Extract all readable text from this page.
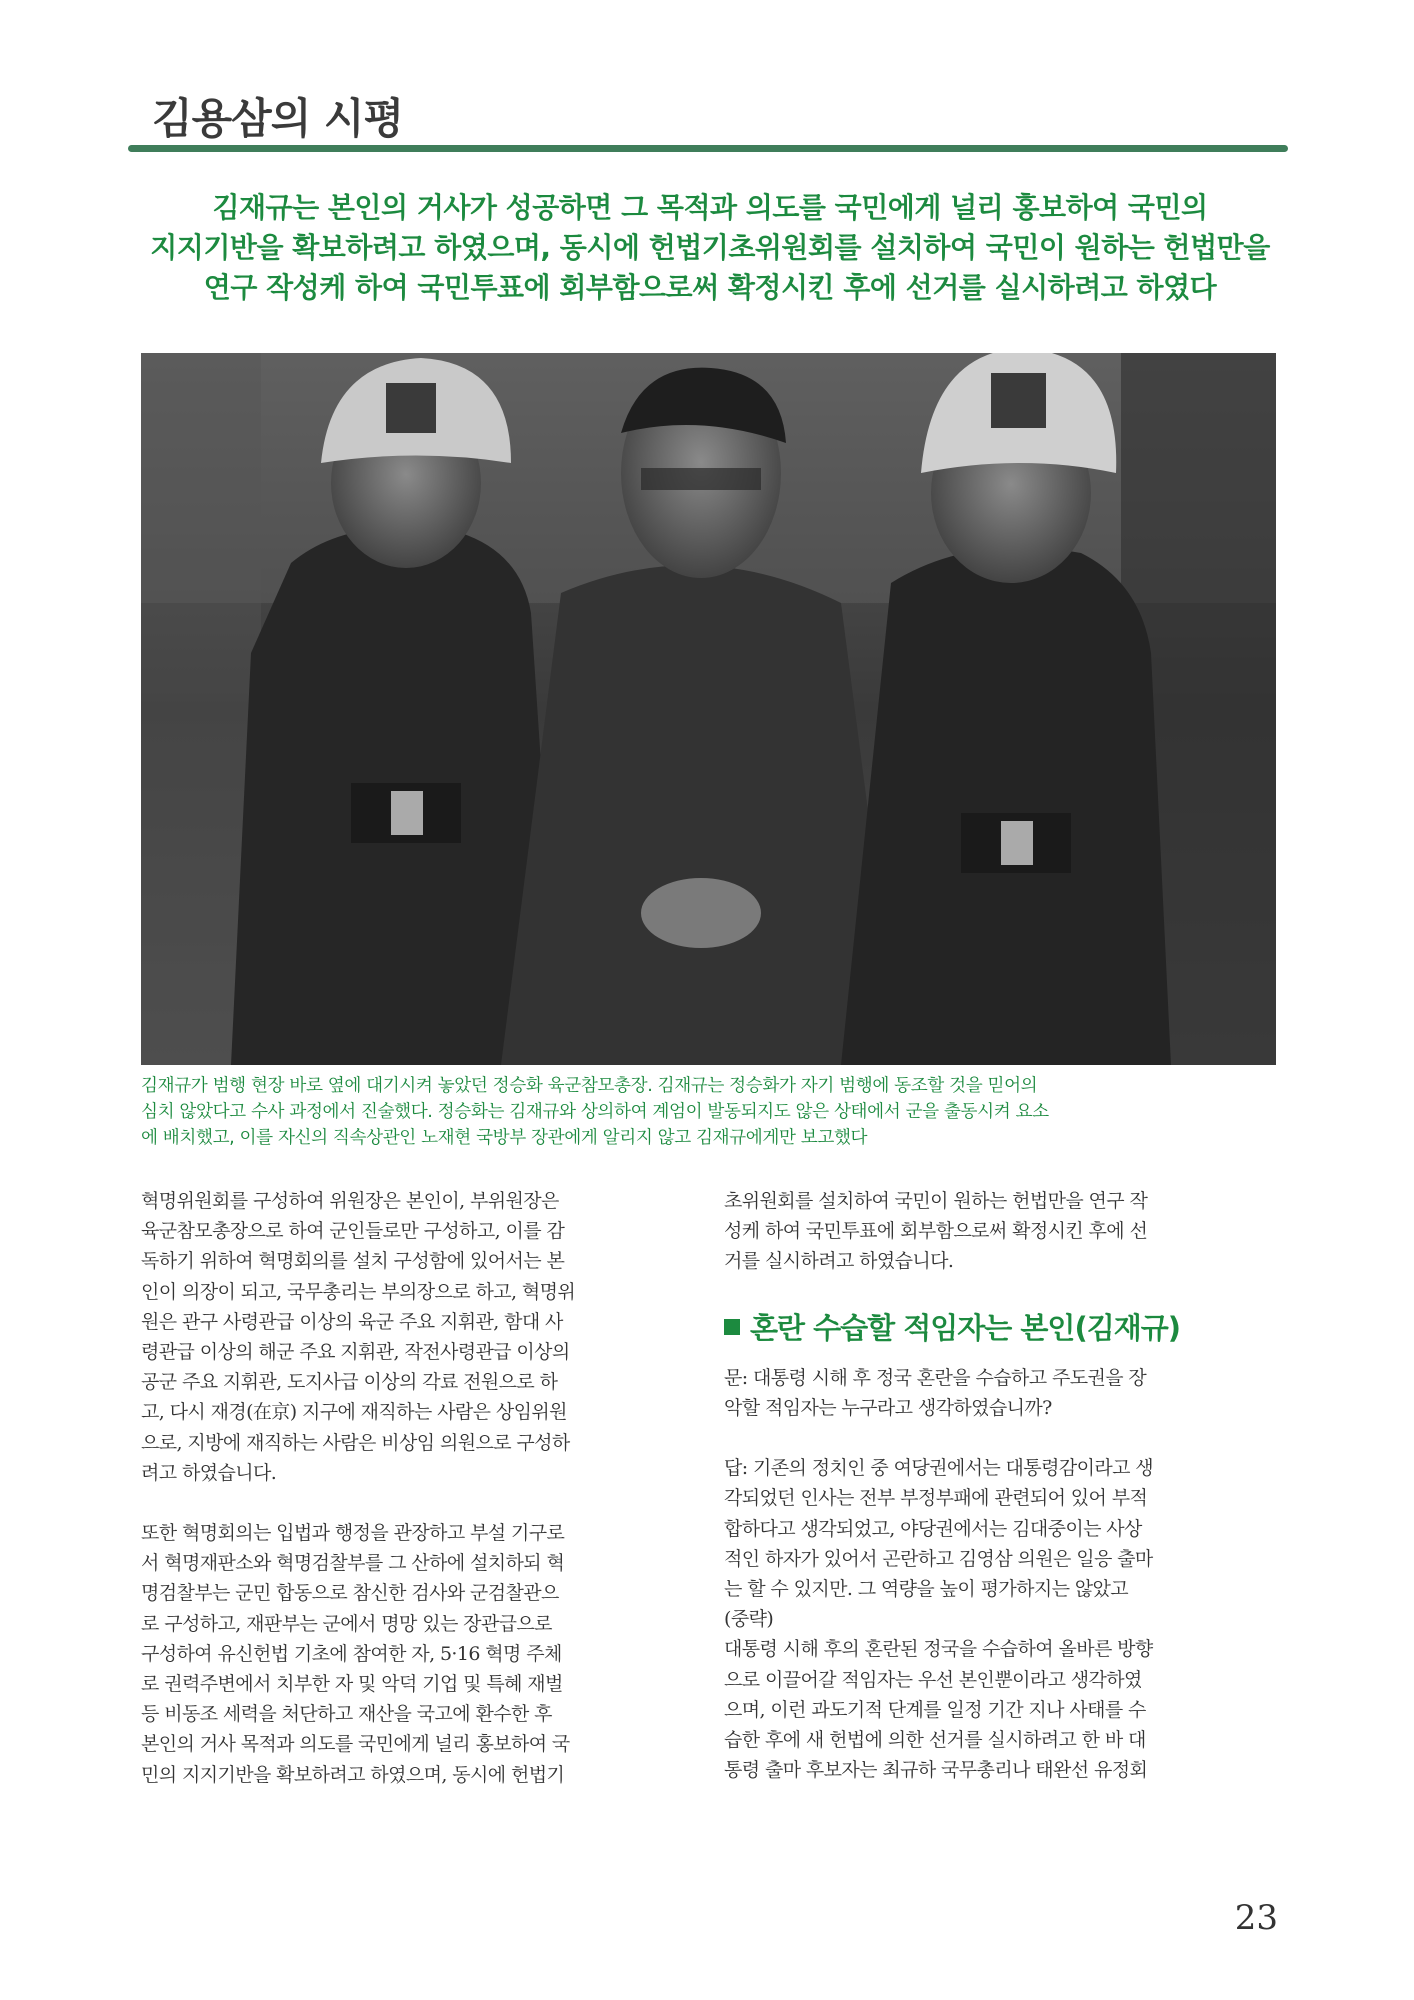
김용삼의 시평
김재규는 본인의 거사가 성공하면 그 목적과 의도를 국민에게 널리 홍보하여 국민의
지지기반을 확보하려고 하였으며, 동시에 헌법기초위원회를 설치하여 국민이 원하는 헌법만을
연구 작성케 하여 국민투표에 회부함으로써 확정시킨 후에 선거를 실시하려고 하였다
김재규가 범행 현장 바로 옆에 대기시켜 놓았던 정승화 육군참모총장. 김재규는 정승화가 자기 범행에 동조할 것을 믿어의
심치 않았다고 수사 과정에서 진술했다. 정승화는 김재규와 상의하여 계엄이 발동되지도 않은 상태에서 군을 출동시켜 요소
에 배치했고, 이를 자신의 직속상관인 노재현 국방부 장관에게 알리지 않고 김재규에게만 보고했다
혁명위원회를 구성하여 위원장은 본인이, 부위원장은
육군참모총장으로 하여 군인들로만 구성하고, 이를 감
독하기 위하여 혁명회의를 설치 구성함에 있어서는 본
인이 의장이 되고, 국무총리는 부의장으로 하고, 혁명위
원은 관구 사령관급 이상의 육군 주요 지휘관, 함대 사
령관급 이상의 해군 주요 지휘관, 작전사령관급 이상의
공군 주요 지휘관, 도지사급 이상의 각료 전원으로 하
고, 다시 재경(在京) 지구에 재직하는 사람은 상임위원
으로, 지방에 재직하는 사람은 비상임 의원으로 구성하
려고 하였습니다.
또한 혁명회의는 입법과 행정을 관장하고 부설 기구로
서 혁명재판소와 혁명검찰부를 그 산하에 설치하되 혁
명검찰부는 군민 합동으로 참신한 검사와 군검찰관으
로 구성하고, 재판부는 군에서 명망 있는 장관급으로
구성하여 유신헌법 기초에 참여한 자, 5·16 혁명 주체
로 권력주변에서 치부한 자 및 악덕 기업 및 특혜 재벌
등 비동조 세력을 처단하고 재산을 국고에 환수한 후
본인의 거사 목적과 의도를 국민에게 널리 홍보하여 국
민의 지지기반을 확보하려고 하였으며, 동시에 헌법기
초위원회를 설치하여 국민이 원하는 헌법만을 연구 작
성케 하여 국민투표에 회부함으로써 확정시킨 후에 선
거를 실시하려고 하였습니다.
혼란 수습할 적임자는 본인(김재규)
문: 대통령 시해 후 정국 혼란을 수습하고 주도권을 장
악할 적임자는 누구라고 생각하였습니까?
답: 기존의 정치인 중 여당권에서는 대통령감이라고 생
각되었던 인사는 전부 부정부패에 관련되어 있어 부적
합하다고 생각되었고, 야당권에서는 김대중이는 사상
적인 하자가 있어서 곤란하고 김영삼 의원은 일응 출마
는 할 수 있지만. 그 역량을 높이 평가하지는 않았고
(중략)
대통령 시해 후의 혼란된 정국을 수습하여 올바른 방향
으로 이끌어갈 적임자는 우선 본인뿐이라고 생각하였
으며, 이런 과도기적 단계를 일정 기간 지나 사태를 수
습한 후에 새 헌법에 의한 선거를 실시하려고 한 바 대
통령 출마 후보자는 최규하 국무총리나 태완선 유정회
23
